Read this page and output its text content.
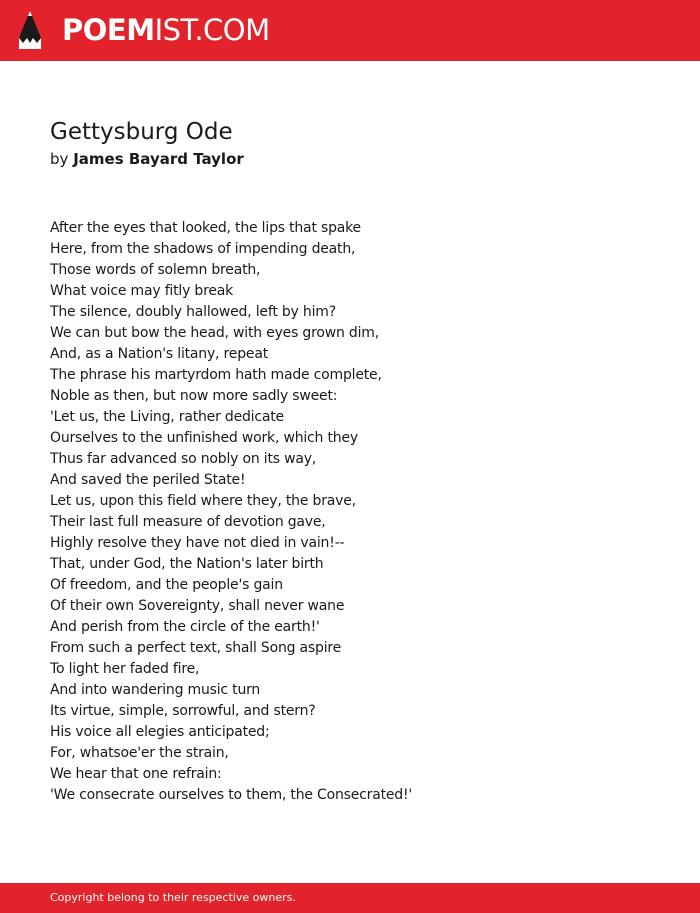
POEMIST.COM
Gettysburg Ode
by James Bayard Taylor
After the eyes that looked, the lips that spake
Here, from the shadows of impending death,
Those words of solemn breath,
What voice may fitly break
The silence, doubly hallowed, left by him?
We can but bow the head, with eyes grown dim,
And, as a Nation's litany, repeat
The phrase his martyrdom hath made complete,
Noble as then, but now more sadly sweet:
'Let us, the Living, rather dedicate
Ourselves to the unfinished work, which they
Thus far advanced so nobly on its way,
And saved the periled State!
Let us, upon this field where they, the brave,
Their last full measure of devotion gave,
Highly resolve they have not died in vain!--
That, under God, the Nation's later birth
Of freedom, and the people's gain
Of their own Sovereignty, shall never wane
And perish from the circle of the earth!'
From such a perfect text, shall Song aspire
To light her faded fire,
And into wandering music turn
Its virtue, simple, sorrowful, and stern?
His voice all elegies anticipated;
For, whatsoe'er the strain,
We hear that one refrain:
'We consecrate ourselves to them, the Consecrated!'
Copyright belong to their respective owners.
